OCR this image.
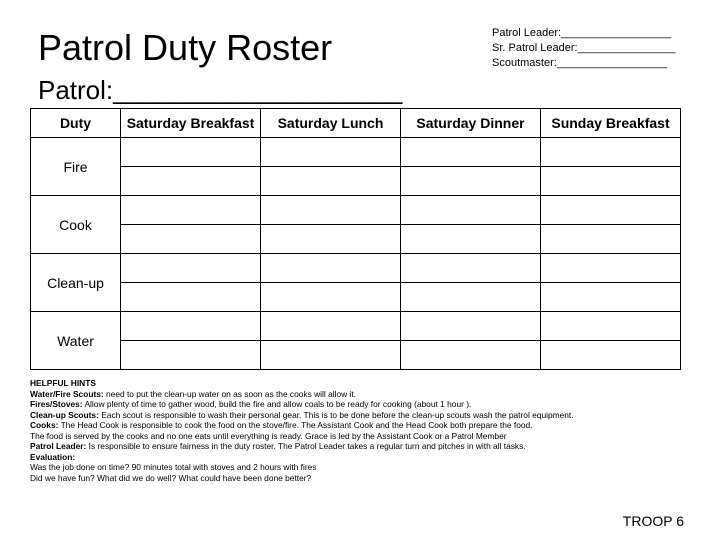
Patrol Duty Roster
Patrol:____________________
Patrol Leader:__________________
Sr. Patrol Leader:________________
Scoutmaster:__________________
Duty	Saturday Breakfast	Saturday Lunch	Saturday Dinner	Sunday Breakfast
Fire				

Cook				

Clean-up				

Water				

HELPFUL HINTS
Water/Fire Scouts: need to put the clean-up water on as soon as the cooks will allow it.
Fires/Stoves: Allow plenty of time to gather wood, build the fire and allow coals to be ready for cooking (about 1 hour ).
Clean-up Scouts: Each scout is responsible to wash their personal gear. This is to be done before the clean-up scouts wash the patrol equipment.
Cooks: The Head Cook is responsible to cook the food on the stove/fire. The Assistant Cook and the Head Cook both prepare the food.
The food is served by the cooks and no one eats until everything is ready. Grace is led by the Assistant Cook or a Patrol Member
Patrol Leader: Is responsible to ensure fairness in the duty roster. The Patrol Leader takes a regular turn and pitches in with all tasks.
Evaluation:
Was the job done on time? 90 minutes total with stoves and 2 hours with fires
Did we have fun? What did we do well? What could have been done better?
TROOP 6
